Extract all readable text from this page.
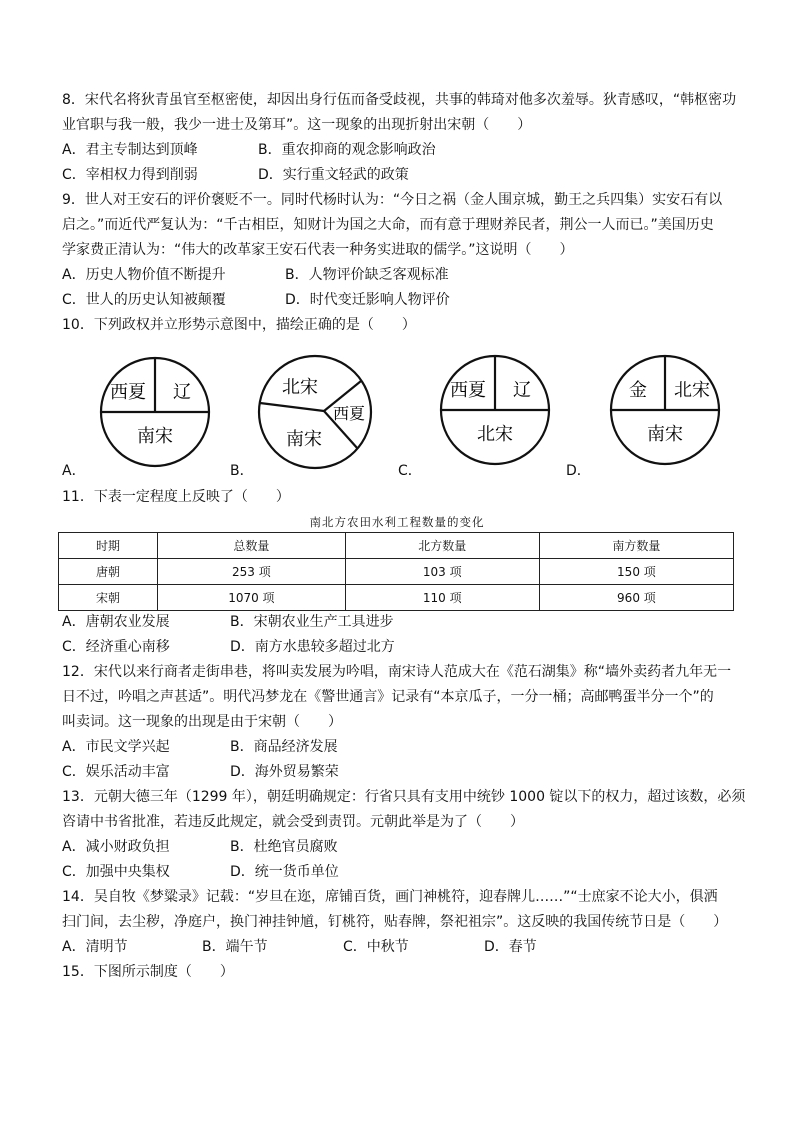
8．宋代名将狄青虽官至枢密使，却因出身行伍而备受歧视，共事的韩琦对他多次羞辱。狄青感叹，“韩枢密功
业官职与我一般，我少一进士及第耳”。这一现象的出现折射出宋朝（　　）
A．君主专制达到顶峰	B．重农抑商的观念影响政治
C．宰相权力得到削弱	D．实行重文轻武的政策
9．世人对王安石的评价褒贬不一。同时代杨时认为：“今日之祸（金人围京城，勤王之兵四集）实安石有以
启之。”而近代严复认为：“千古相臣，知财计为国之大命，而有意于理财养民者，荆公一人而已。”美国历史
学家费正清认为：“伟大的改革家王安石代表一种务实进取的儒学。”这说明（　　）
A．历史人物价值不断提升	B．人物评价缺乏客观标准
C．世人的历史认知被颠覆	D．时代变迁影响人物评价
10．下列政权并立形势示意图中，描绘正确的是（　　）
西夏 辽
南宋
北宋
西夏
南宋
西夏 辽
北宋
金 北宋
南宋
A．	B．	C．	D．
11．下表一定程度上反映了（　　）
南北方农田水利工程数量的变化
时期	总数量	北方数量	南方数量
唐朝	253 项	103 项	150 项
宋朝	1070 项	110 项	960 项
A．唐朝农业发展	B．宋朝农业生产工具进步
C．经济重心南移	D．南方水患较多超过北方
12．宋代以来行商者走街串巷，将叫卖发展为吟唱，南宋诗人范成大在《范石湖集》称“墙外卖药者九年无一
日不过，吟唱之声甚适”。明代冯梦龙在《警世通言》记录有“本京瓜子，一分一桶；高邮鸭蛋半分一个”的
叫卖词。这一现象的出现是由于宋朝（　　）
A．市民文学兴起	B．商品经济发展
C．娱乐活动丰富	D．海外贸易繁荣
13．元朝大德三年（1299 年），朝廷明确规定：行省只具有支用中统钞 1000 锭以下的权力，超过该数，必须
咨请中书省批准，若违反此规定，就会受到责罚。元朝此举是为了（　　）
A．减小财政负担	B．杜绝官员腐败
C．加强中央集权	D．统一货币单位
14．吴自牧《梦粱录》记载：“岁旦在迩，席铺百货，画门神桃符，迎春牌儿……”“士庶家不论大小，俱洒
扫门间，去尘秽，净庭户，换门神挂钟馗，钉桃符，贴春牌，祭祀祖宗”。这反映的我国传统节日是（　　）
A．清明节	B．端午节	C．中秋节	D．春节
15．下图所示制度（　　）
